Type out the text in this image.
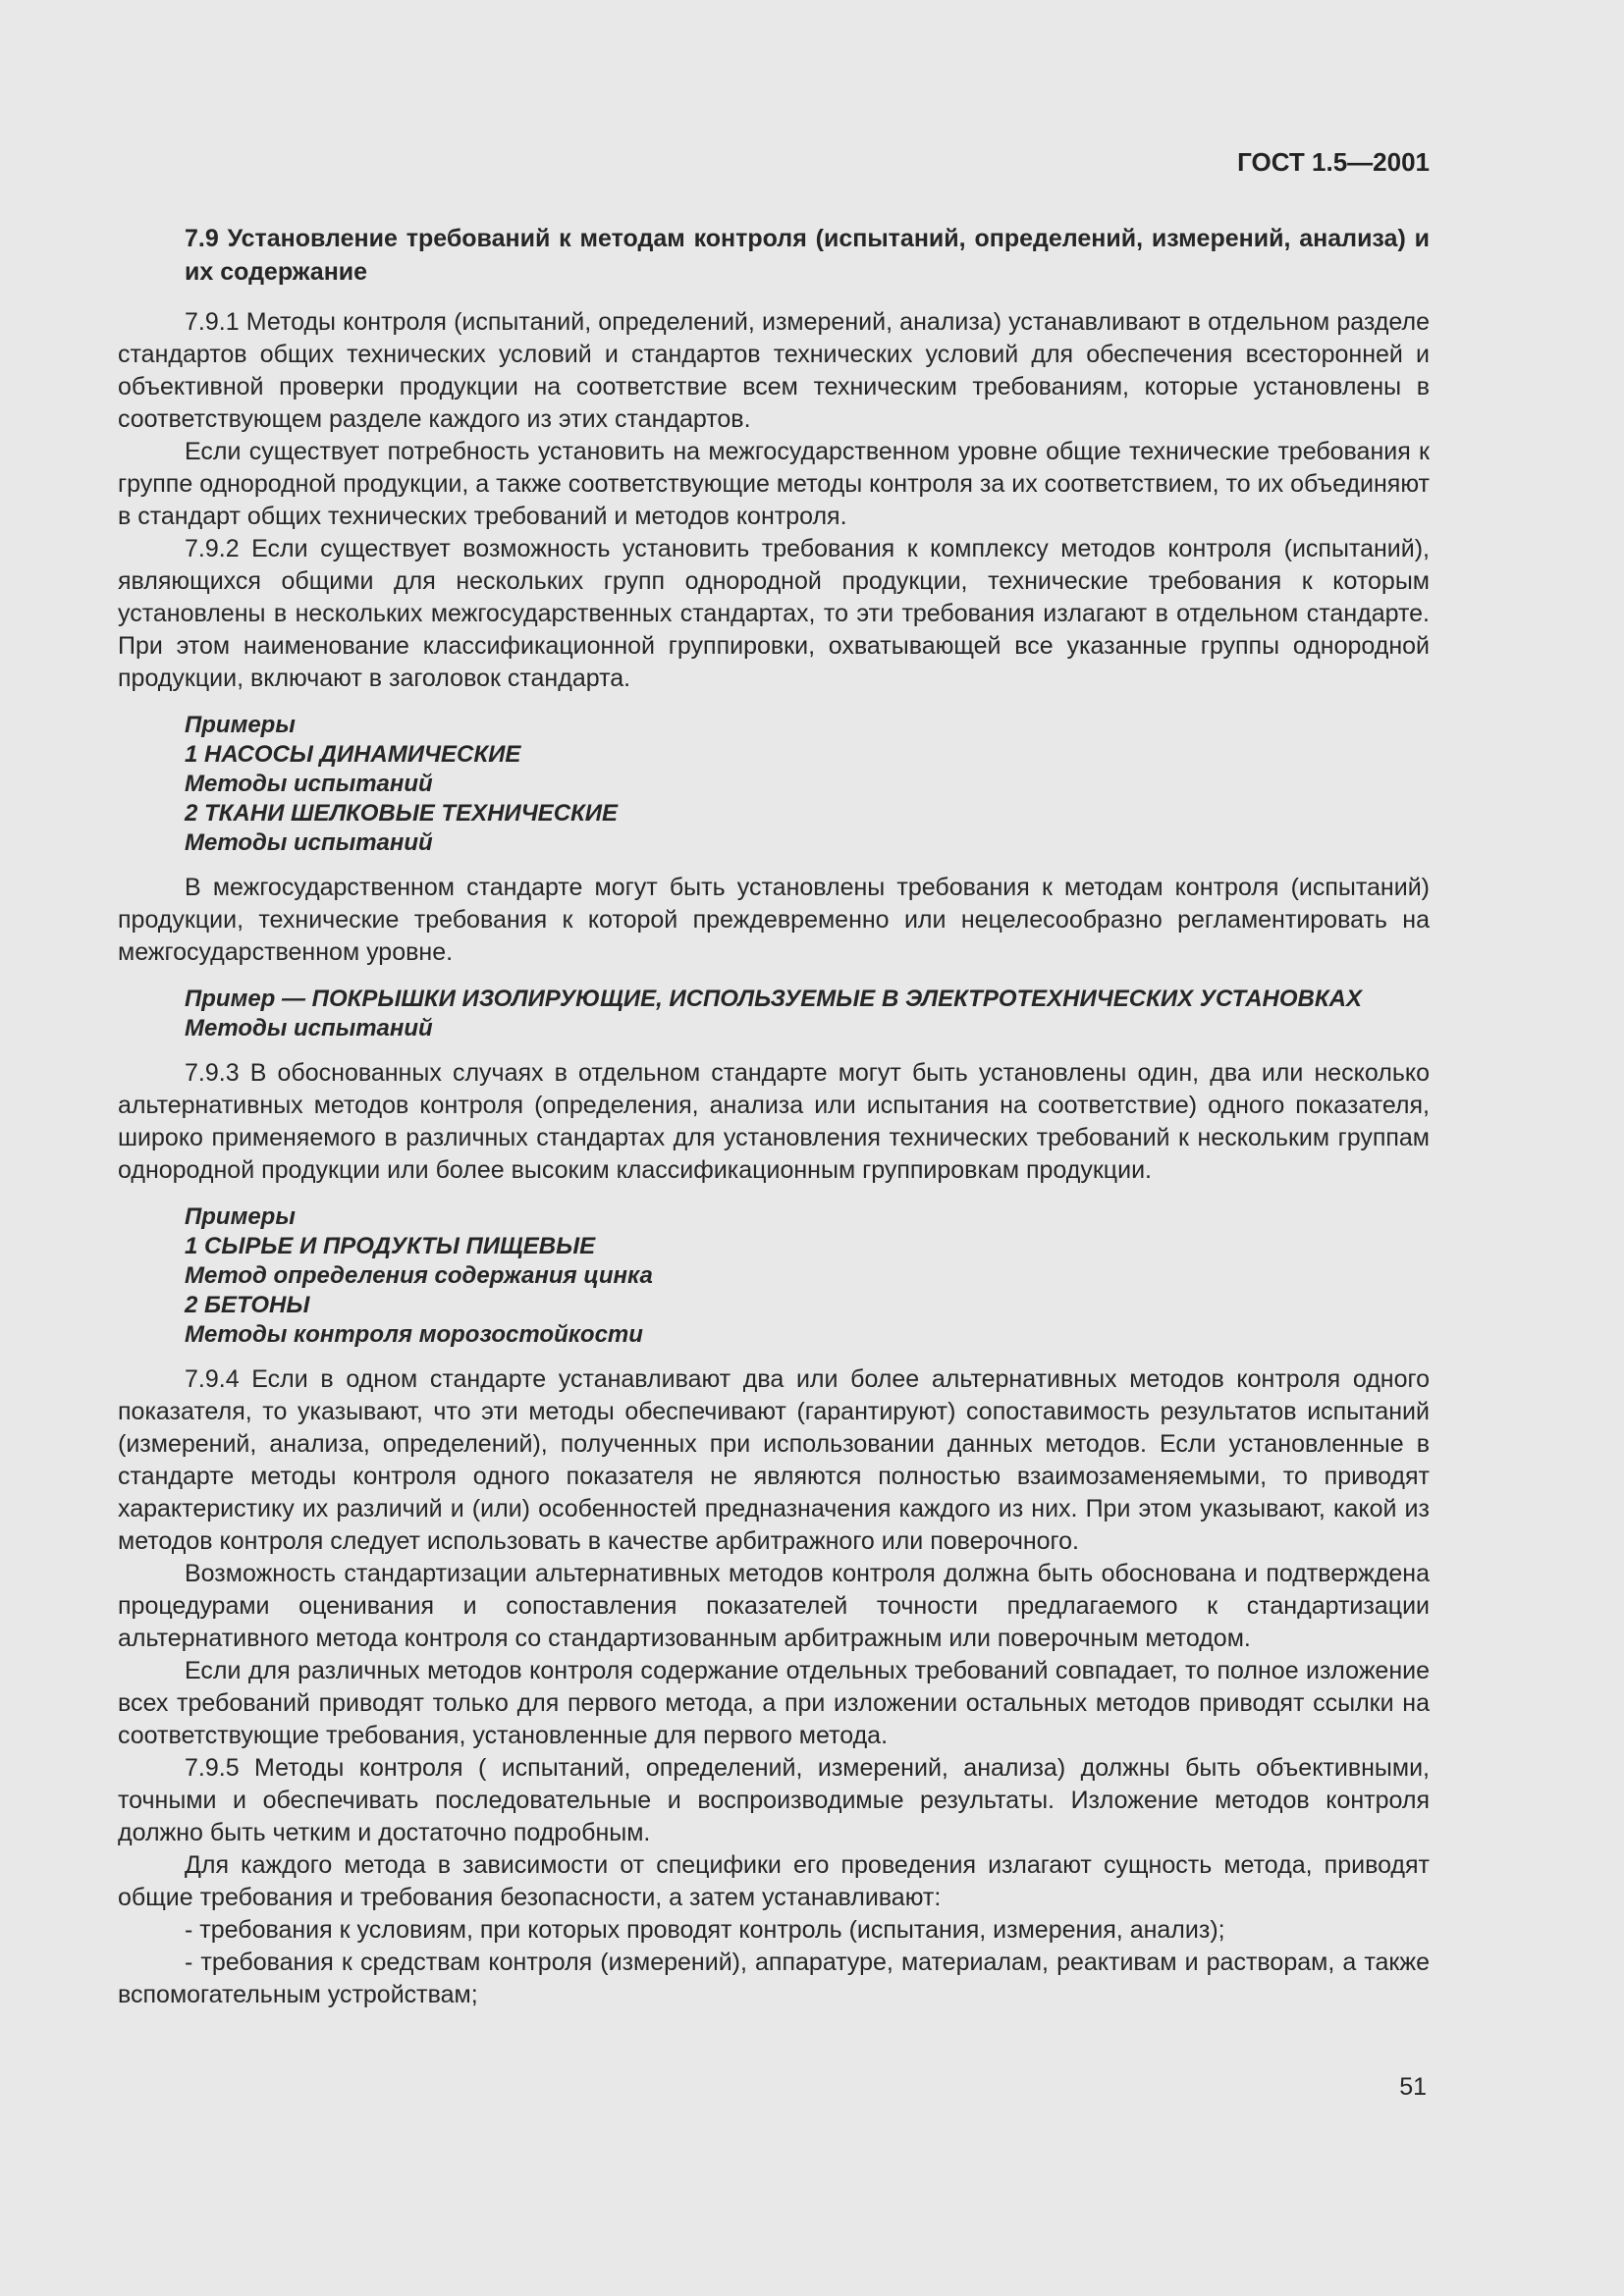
ГОСТ 1.5—2001
7.9 Установление требований к методам контроля (испытаний, определений, измерений, анализа) и их содержание

7.9.1 Методы контроля (испытаний, определений, измерений, анализа) устанавливают в отдельном разделе стандартов общих технических условий и стандартов технических условий для обеспечения всесторонней и объективной проверки продукции на соответствие всем техническим требованиям, которые установлены в соответствующем разделе каждого из этих стандартов.

Если существует потребность установить на межгосударственном уровне общие технические требования к группе однородной продукции, а также соответствующие методы контроля за их соответствием, то их объединяют в стандарт общих технических требований и методов контроля.

7.9.2 Если существует возможность установить требования к комплексу методов контроля (испытаний), являющихся общими для нескольких групп однородной продукции, технические требования к которым установлены в нескольких межгосударственных стандартах, то эти требования излагают в отдельном стандарте. При этом наименование классификационной группировки, охватывающей все указанные группы однородной продукции, включают в заголовок стандарта.

Примеры
1 НАСОСЫ ДИНАМИЧЕСКИЕ
Методы испытаний
2 ТКАНИ ШЕЛКОВЫЕ ТЕХНИЧЕСКИЕ
Методы испытаний

В межгосударственном стандарте могут быть установлены требования к методам контроля (испытаний) продукции, технические требования к которой преждевременно или нецелесообразно регламентировать на межгосударственном уровне.

Пример — ПОКРЫШКИ ИЗОЛИРУЮЩИЕ, ИСПОЛЬЗУЕМЫЕ В ЭЛЕКТРОТЕХНИЧЕСКИХ УСТАНОВКАХ
Методы испытаний

7.9.3 В обоснованных случаях в отдельном стандарте могут быть установлены один, два или несколько альтернативных методов контроля (определения, анализа или испытания на соответствие) одного показателя, широко применяемого в различных стандартах для установления технических требований к нескольким группам однородной продукции или более высоким классификационным группировкам продукции.

Примеры
1 СЫРЬЕ И ПРОДУКТЫ ПИЩЕВЫЕ
Метод определения содержания цинка
2 БЕТОНЫ
Методы контроля морозостойкости

7.9.4 Если в одном стандарте устанавливают два или более альтернативных методов контроля одного показателя, то указывают, что эти методы обеспечивают (гарантируют) сопоставимость результатов испытаний (измерений, анализа, определений), полученных при использовании данных методов. Если установленные в стандарте методы контроля одного показателя не являются полностью взаимозаменяемыми, то приводят характеристику их различий и (или) особенностей предназначения каждого из них. При этом указывают, какой из методов контроля следует использовать в качестве арбитражного или поверочного.

Возможность стандартизации альтернативных методов контроля должна быть обоснована и подтверждена процедурами оценивания и сопоставления показателей точности предлагаемого к стандартизации альтернативного метода контроля со стандартизованным арбитражным или поверочным методом.

Если для различных методов контроля содержание отдельных требований совпадает, то полное изложение всех требований приводят только для первого метода, а при изложении остальных методов приводят ссылки на соответствующие требования, установленные для первого метода.

7.9.5 Методы контроля ( испытаний, определений, измерений, анализа) должны быть объективными, точными и обеспечивать последовательные и воспроизводимые результаты. Изложение методов контроля должно быть четким и достаточно подробным.

Для каждого метода в зависимости от специфики его проведения излагают сущность метода, приводят общие требования и требования безопасности, а затем устанавливают:

- требования к условиям, при которых проводят контроль (испытания, измерения, анализ);

- требования к средствам контроля (измерений), аппаратуре, материалам, реактивам и растворам, а также вспомогательным устройствам;

51
